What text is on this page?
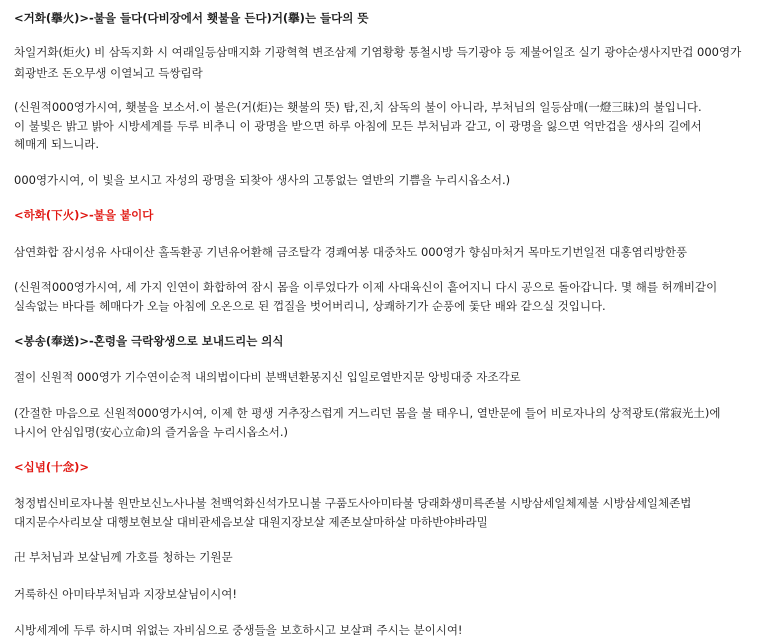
<거화(擧火)>-불을 들다(다비장에서 횃불을 든다)거(擧)는 들다의 뜻
차일거화(炬火) 비 삼독지화 시 여래일등삼매지화 기광혁혁 변조삼제 기염황황 통철시방 득기광야 등 제불어일조 실기 광야순생사지만겁 000영가
회광반조 돈오무생 이열뇌고 득쌍림락
(신원적000영가시여, 횃불을 보소서.이 불은(거(炬)는 횃불의 뜻) 탐,진,치 삼독의 불이 아니라, 부처님의 일등삼매(一燈三昧)의 불입니다.
이 불빛은 밝고 밝아 시방세계를 두루 비추니 이 광명을 받으면 하루 아침에 모든 부처님과 같고, 이 광명을 잃으면 억만겁을 생사의 길에서
헤매게 되느니라.
000영가시여, 이 빛을 보시고 자성의 광명을 되찾아 생사의 고통없는 열반의 기쁨을 누리시옵소서.)
<하화(下火)>-불을 붙이다
삼연화합 잠시성유 사대이산 홀독환공 기년유어환해 금조탈각 경쾌여봉 대중차도 000영가 향심마처거 목마도기번일전 대홍염리방한풍
(신원적000영가시여, 세 가지 인연이 화합하여 잠시 몸을 이루었다가 이제 사대육신이 흩어지니 다시 공으로 돌아갑니다. 몇 해를 허깨비같이
실속없는 바다를 헤매다가 오늘 아침에 오온으로 된 껍질을 벗어버리니, 상쾌하기가 순풍에 돛단 배와 같으실 것입니다.
<봉송(奉送)>-혼령을 극락왕생으로 보내드리는 의식
절이 신원적 000영가 기수연이순적 내의법이다비 분백년환몽지신 입일로열반지문 앙빙대중 자조각로
(간절한 마음으로 신원적000영가시여, 이제 한 평생 거추장스럽게 거느리던 몸을 불 태우니, 열반문에 들어 비로자나의 상적광토(常寂光土)에
나시어 안심입명(安心立命)의 즐거움을 누리시옵소서.)
<십념(十念)>
청정법신비로자나불 원만보신노사나불 천백억화신석가모니불 구품도사아미타불 당래화생미륵존불 시방삼세일체제불 시방삼세일체존법
대지문수사리보살 대행보현보살 대비관세음보살 대원지장보살 제존보살마하살 마하반야바라밀
卍 부처님과 보살님께 가호를 청하는 기원문
거룩하신 아미타부처님과 지장보살님이시여!
시방세계에 두루 하시며 위없는 자비심으로 중생들을 보호하시고 보살펴 주시는 분이시여!
